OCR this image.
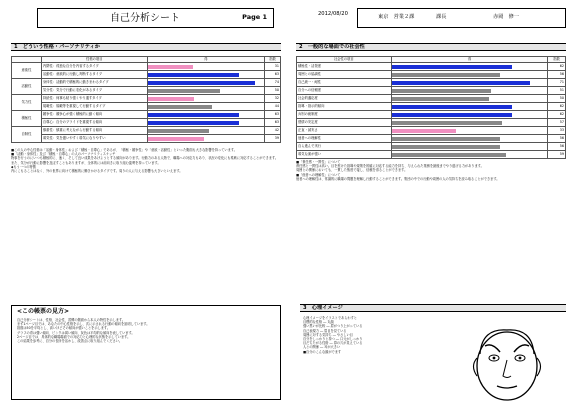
自己分析シート	Page 1	2012/08/20	東京　営業２課	課長	赤岡　修一
1　どういう性格・パーソナリティか
	性格の項目	得	指数
意欲性	内閉性：孤独な自分を内省するタイプ		31
	活動性：意欲的に行動し判断するタイプ		63
活動性	身体性：活動的で積極的に動きまわるタイプ		74
	気分性：気分で行動に変化があるタイプ		50
気力性	持続性：何事も粘り強くやり通すタイプ		32
	規範性：規範等を重視して行動するタイプ		44
積極性	競争性：競争心が強く積極的に動く傾向		63
	自尊心：自分のプライドを重視する傾向		63
自制性	慎重性：慎重に考えながら行動する傾向		42
	弱気性：気を遣いやすく弱気になりやすい		39
■この人の中心性格は「活動・身体性」および「積極・自尊心」であるが、「積極・競争性」や「意欲・活動性」といった側面も大きな影響を持っています。
■「活動・身体性」及び「積極・自尊心」の人のパーソナリティスケッチ
物事を行うのにいつも積極的に、速く、そして良い成果をあげようとする傾向があります。行動力のある人物で、職場への対応力もあり、状況の変化にも柔軟に対応することができます。
また、気分が行動に影響を及ぼすこともありますが、全体的には前向きに取り組む姿勢を持っています。
◆もう一つの特徴
内にこもることはなく、外の世界に向けて積極的に働きかけるタイプです。周りの人に与える影響も大きいといえます。
<この帳票の見方>
自己分析シートは、性格、社会性、習慣の側面から本人の特性を示します。
まず1ページ目では、あなたの中心性格を示し、次に示される行動の傾向を説明しています。
指数は50を平均とし、高いほどその傾向が強いことを示します。
グラフの青は強い傾向、ピンクは弱い傾向、灰色は平均的な傾向を表しています。
2ページ目では、具体的な職場場面での対応力と心理的な状態を示しています。
この結果を参考に、自分の長所を活かし、改善点に取り組んでください。
2　一般的な場面での社会性
社会性の項目	得	指数
積極性・活発度		62
周囲との協調性		56
自己統一・耐性		71
自分への信頼度		51
社会的適応度		50
指導・指示的傾向		62
弁別の統制度		62
感情の安定度		57
正直・誠実さ		33
他者への理解性		56
自ら進んで実行		56
弱気な面が強い		59
■「責任感・一貫性」について
責任感と一貫性は高い。目を惹けた指導や規則を的確に対応する能力を持ち、与えられた業務を最後までやり遂げる力があります。
周囲との関係においても、一貫した態度で接し、信頼を得ることができます。
■「他者への理解性」について
他者への理解性は、常識的に職場の問題を理解し行動することができます。集団の中での行動や周囲の人の気持ちを読み取ることができます。
3　心理イメージ
心理イメージをイラストであらわすと
目標的な性格 ― 丸顔
強い思いが比較 ― 眉がつり上がっている
自己表現力 ― 眉目を見ている
周囲に対する気持ち ― やさしい目
自分をしっかりと持つ ― 口元がしっかり
目だちたがる性格 ― 鼻の穴が見えている
人との関係 ― 耳が大きい
■自分のこんな顔がでます
